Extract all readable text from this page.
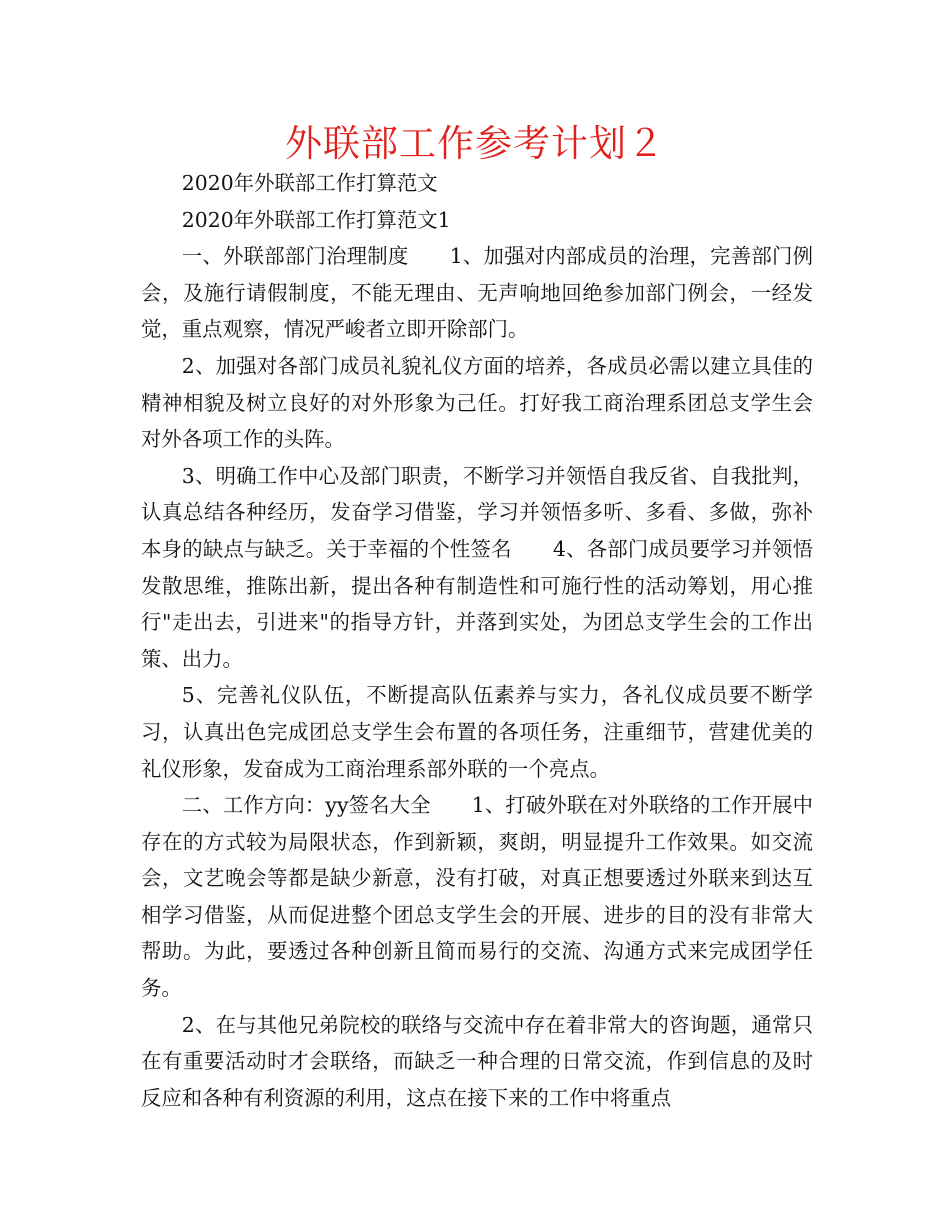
外联部工作参考计划２

2020年外联部工作打算范文

2020年外联部工作打算范文1

一、外联部部门治理制度　　1、加强对内部成员的治理，完善部门例会，及施行请假制度，不能无理由、无声响地回绝参加部门例会，一经发觉，重点观察，情况严峻者立即开除部门。

2、加强对各部门成员礼貌礼仪方面的培养，各成员必需以建立具佳的精神相貌及树立良好的对外形象为己任。打好我工商治理系团总支学生会对外各项工作的头阵。

3、明确工作中心及部门职责，不断学习并领悟自我反省、自我批判，认真总结各种经历，发奋学习借鉴，学习并领悟多听、多看、多做，弥补本身的缺点与缺乏。关于幸福的个性签名　　4、各部门成员要学习并领悟发散思维，推陈出新，提出各种有制造性和可施行性的活动筹划，用心推行"走出去，引进来"的指导方针，并落到实处，为团总支学生会的工作出策、出力。

5、完善礼仪队伍，不断提高队伍素养与实力，各礼仪成员要不断学习，认真出色完成团总支学生会布置的各项任务，注重细节，营建优美的礼仪形象，发奋成为工商治理系部外联的一个亮点。

二、工作方向：yy签名大全　　1、打破外联在对外联络的工作开展中存在的方式较为局限状态，作到新颖，爽朗，明显提升工作效果。如交流会，文艺晚会等都是缺少新意，没有打破，对真正想要透过外联来到达互相学习借鉴，从而促进整个团总支学生会的开展、进步的目的没有非常大帮助。为此，要透过各种创新且简而易行的交流、沟通方式来完成团学任务。

2、在与其他兄弟院校的联络与交流中存在着非常大的咨询题，通常只在有重要活动时才会联络，而缺乏一种合理的日常交流，作到信息的及时反应和各种有利资源的利用，这点在接下来的工作中将重点
